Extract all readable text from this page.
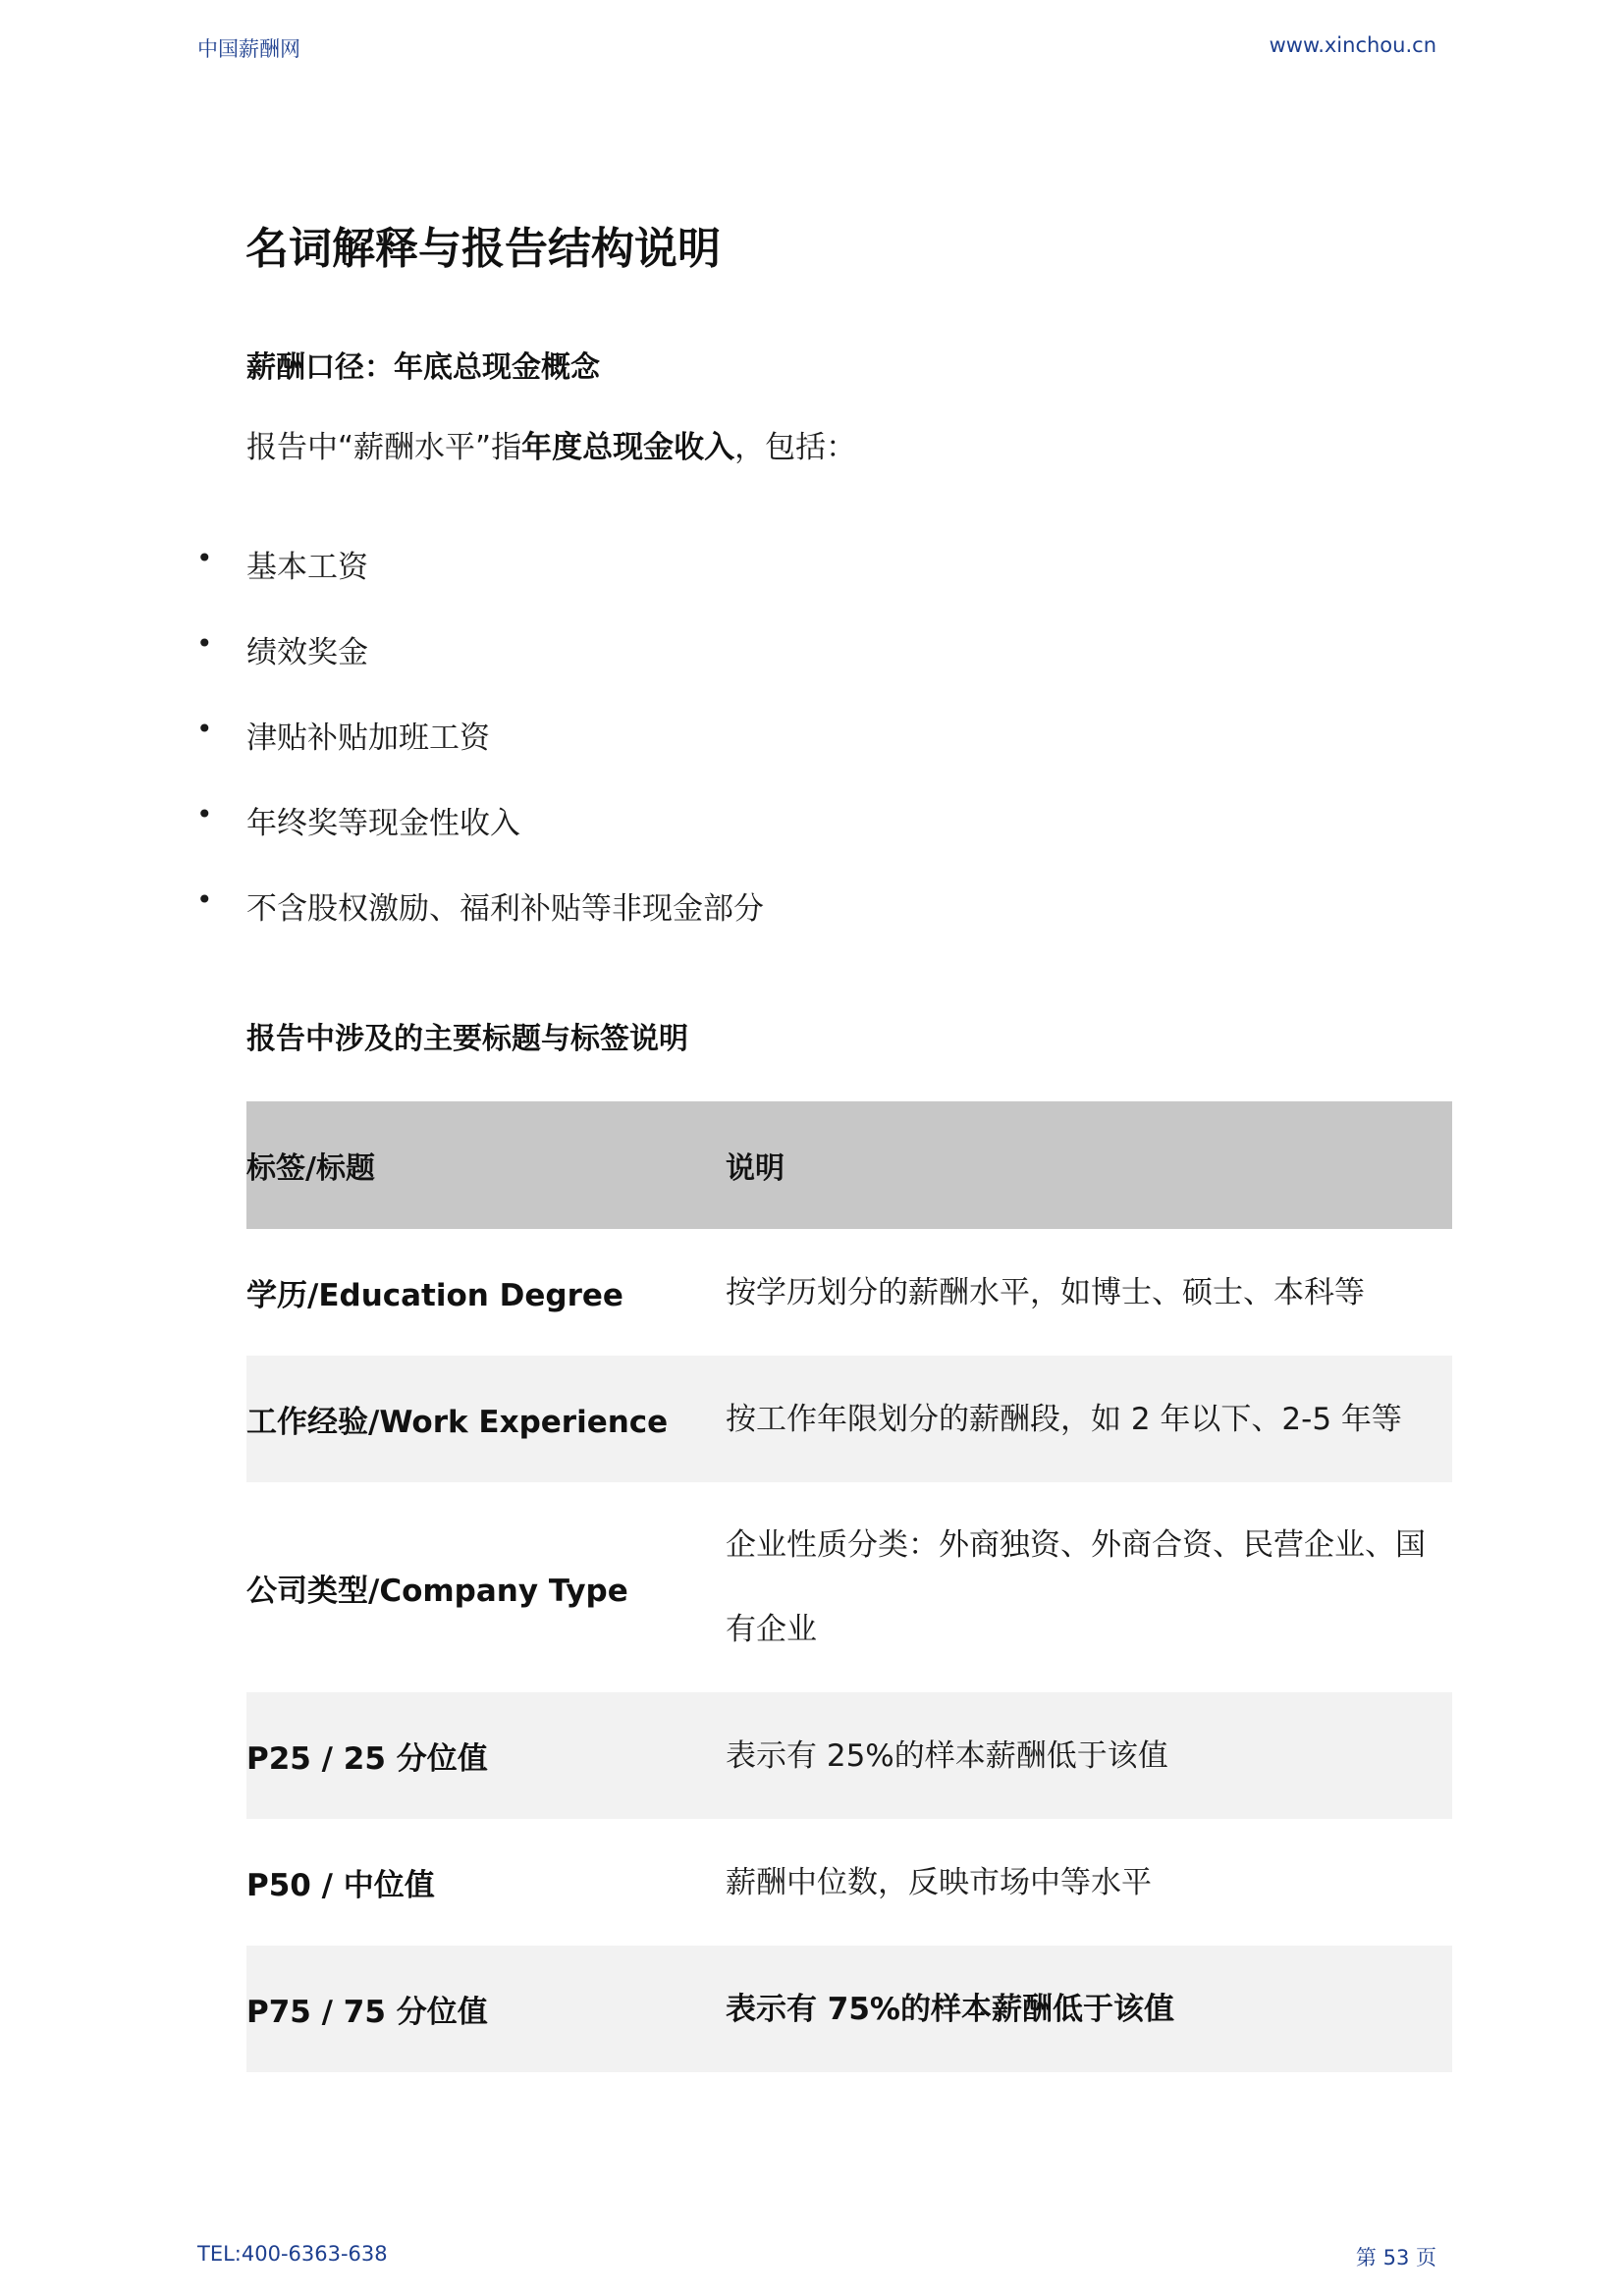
中国薪酬网	www.xinchou.cn
名词解释与报告结构说明
薪酬口径：年底总现金概念

报告中“薪酬水平”指年度总现金收入，包括：

•	基本工资
•	绩效奖金
•	津贴补贴加班工资
•	年终奖等现金性收入
•	不含股权激励、福利补贴等非现金部分
报告中涉及的主要标题与标签说明
标签/标题	说明
学历/Education Degree	按学历划分的薪酬水平，如博士、硕士、本科等
工作经验/Work Experience	按工作年限划分的薪酬段，如 2 年以下、2-5 年等
公司类型/Company Type	企业性质分类：外商独资、外商合资、民营企业、国有企业
P25 / 25 分位值	表示有 25%的样本薪酬低于该值
P50 / 中位值	薪酬中位数，反映市场中等水平
P75 / 75 分位值	表示有 75%的样本薪酬低于该值
TEL:400-6363-638	第 53 页
